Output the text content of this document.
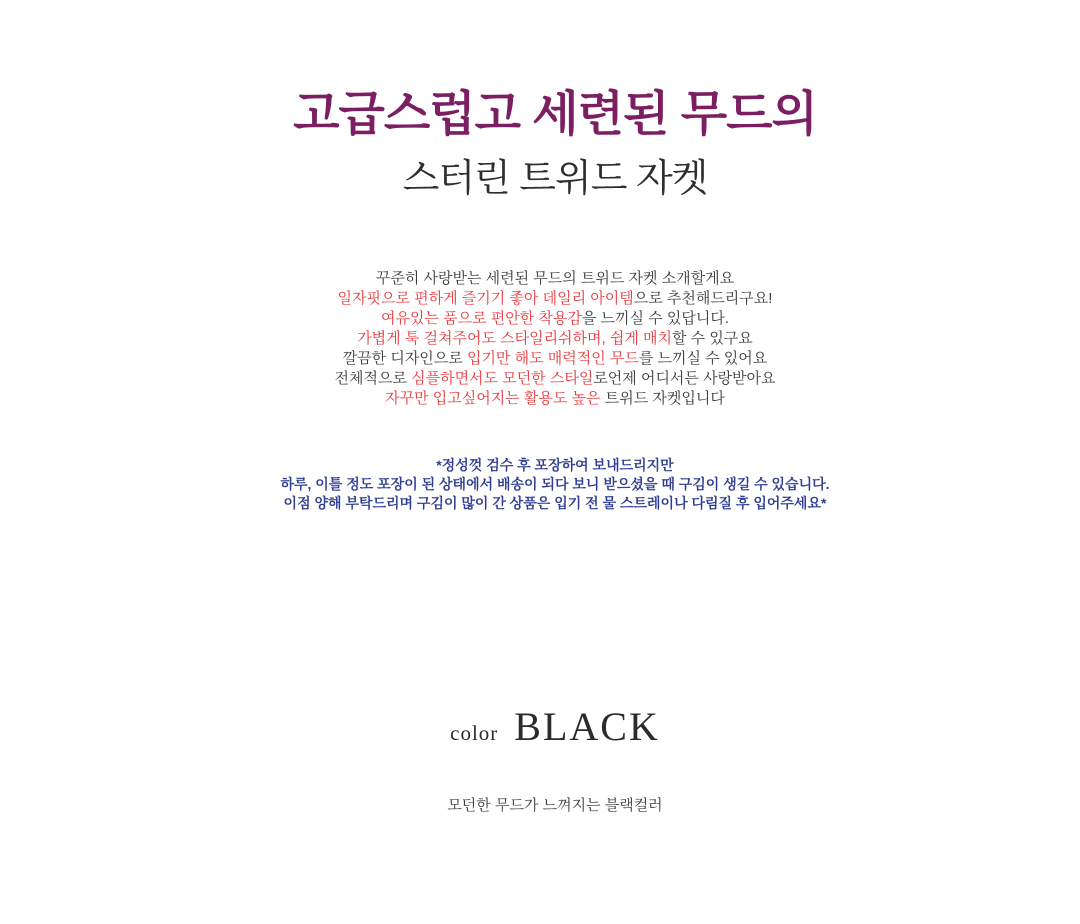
고급스럽고 세련된 무드의
스터린 트위드 자켓

꾸준히 사랑받는 세련된 무드의 트위드 자켓 소개할게요

일자핏으로 편하게 즐기기 좋아 데일리 아이템으로 추천해드리구요!

여유있는 품으로 편안한 착용감을 느끼실 수 있답니다.

가볍게 툭 걸쳐주어도 스타일리쉬하며, 쉽게 매치할 수 있구요

깔끔한 디자인으로 입기만 해도 매력적인 무드를 느끼실 수 있어요

전체적으로 심플하면서도 모던한 스타일로언제 어디서든 사랑받아요

자꾸만 입고싶어지는 활용도 높은 트위드 자켓입니다

*정성껏 검수 후 포장하여 보내드리지만

하루, 이틀 정도 포장이 된 상태에서 배송이 되다 보니 받으셨을 때 구김이 생길 수 있습니다.

이점 양해 부탁드리며 구김이 많이 간 상품은 입기 전 물 스트레이나 다림질 후 입어주세요*

color BLACK
모던한 무드가 느껴지는 블랙컬러
